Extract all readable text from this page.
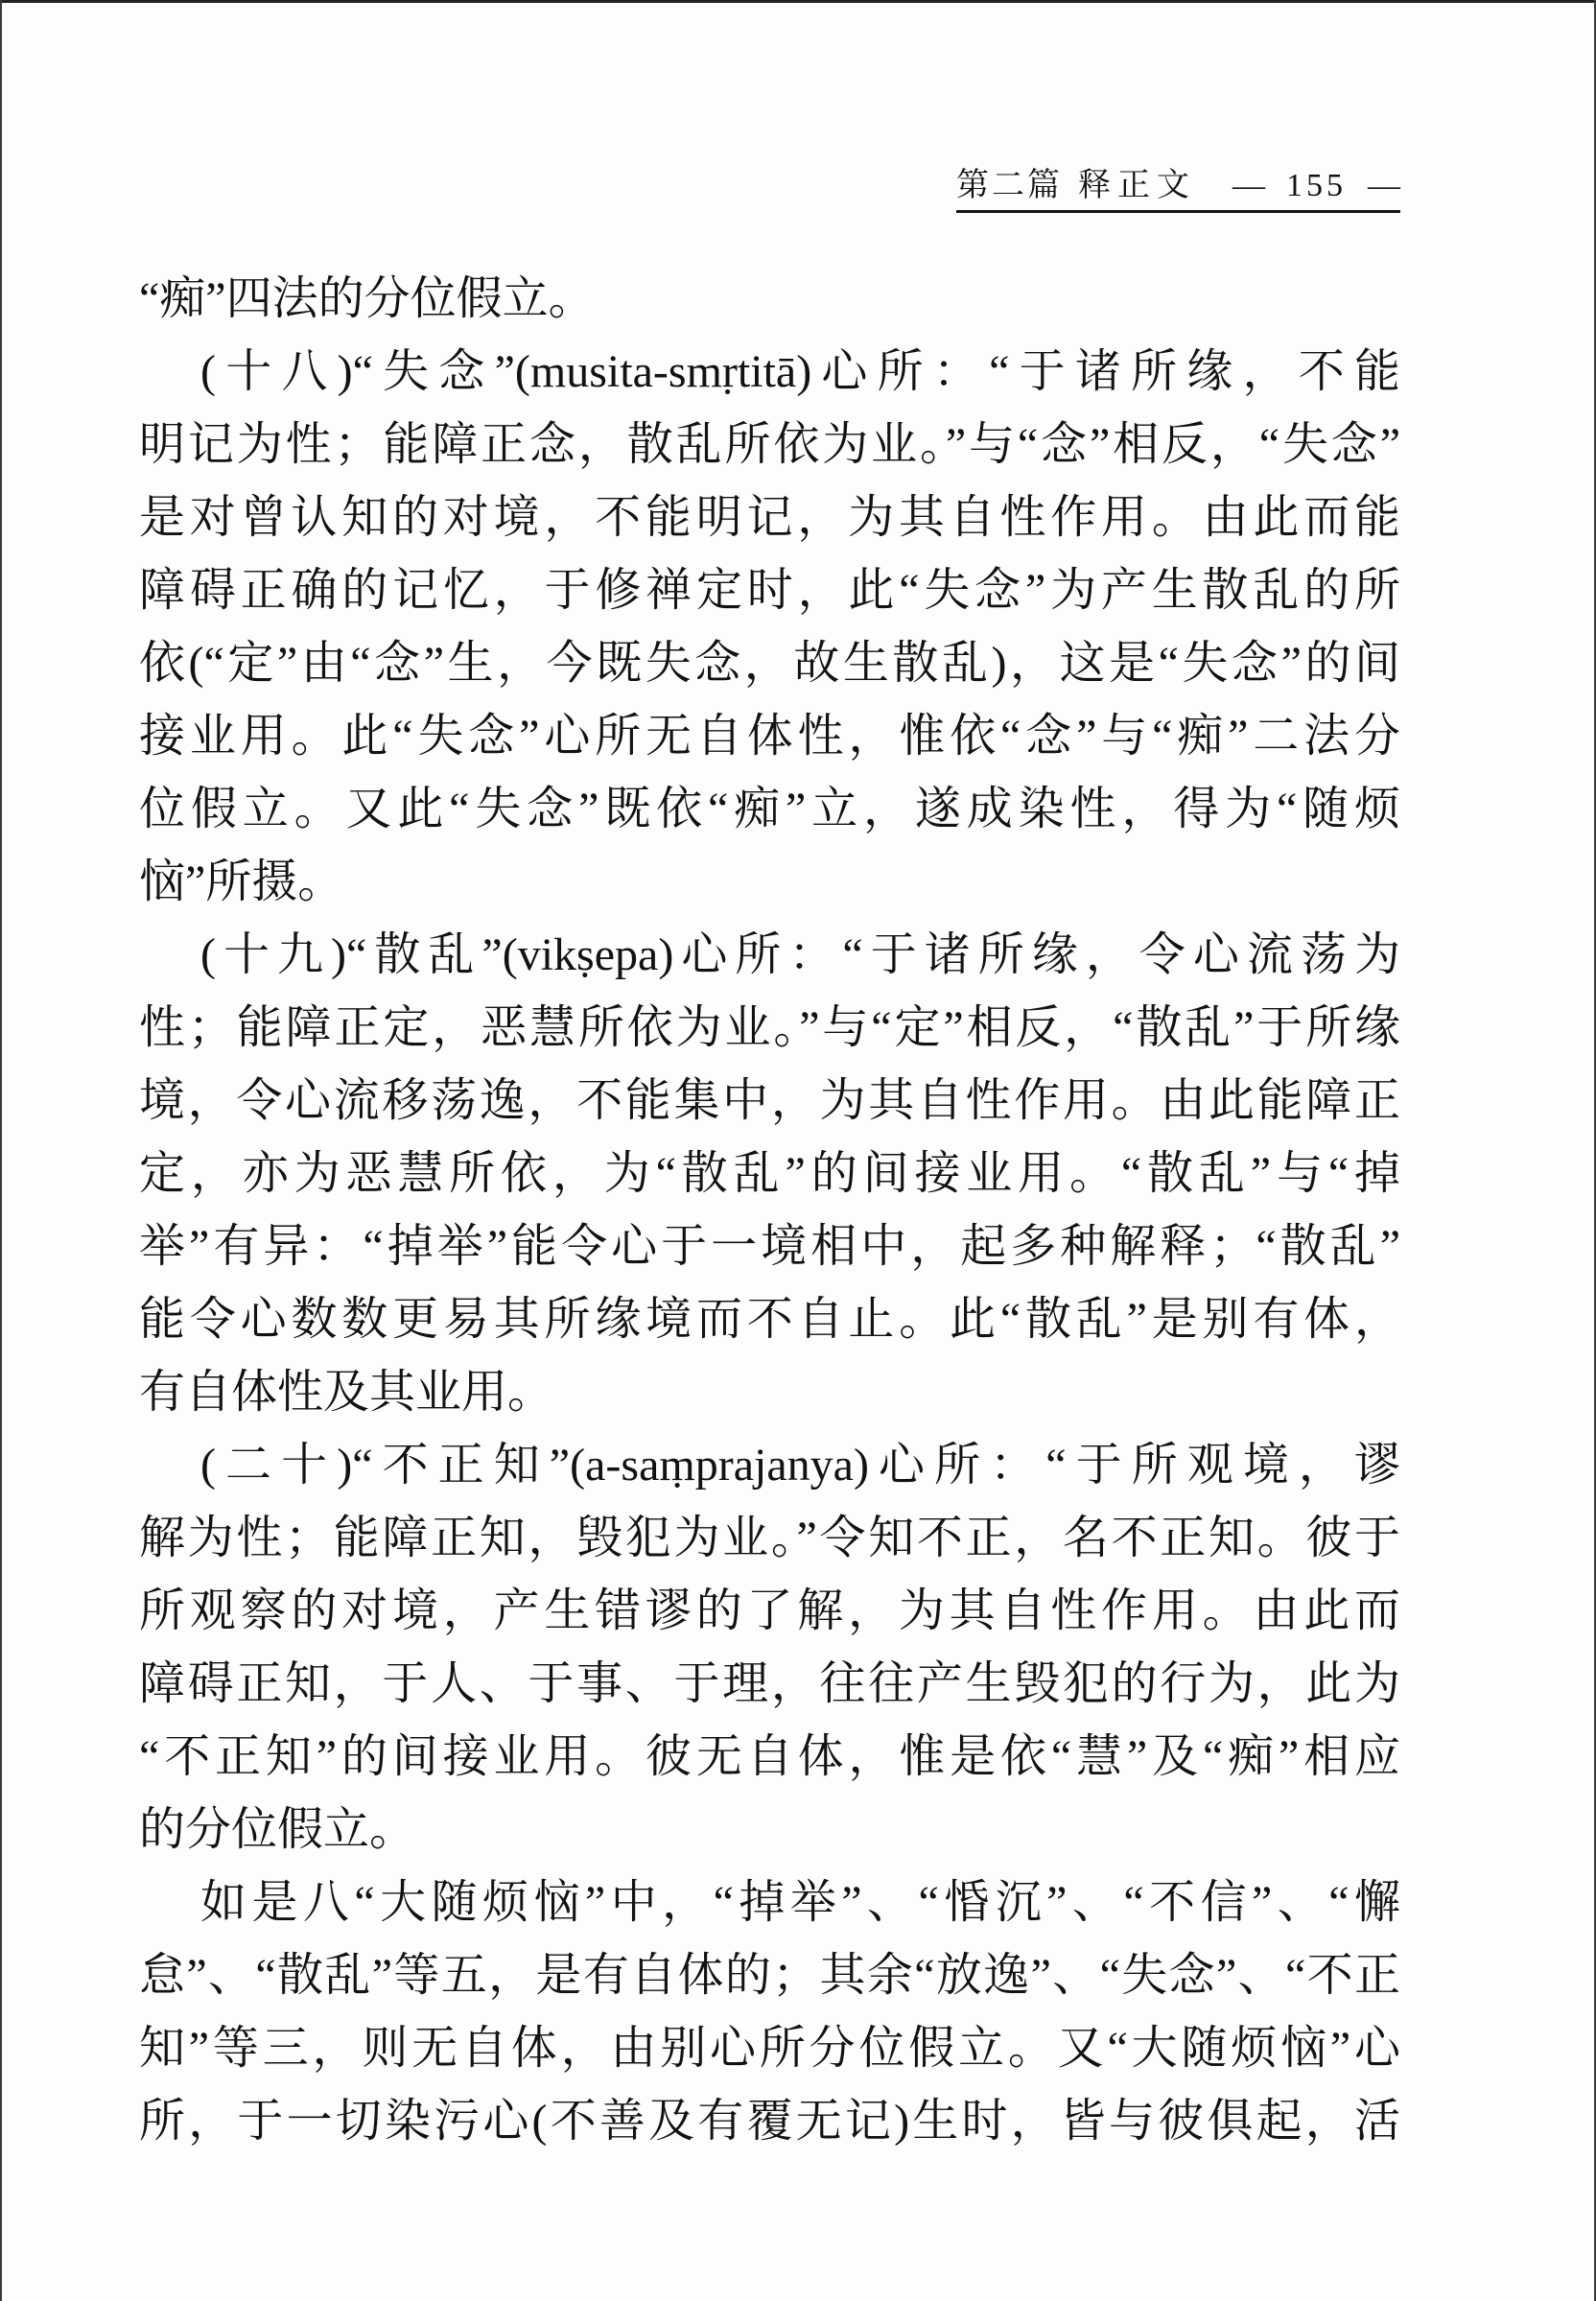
第二篇 释正文 — 155 —
“痴”四法的分位假立。
(十八)“失念”(musita-smṛtitā)心所：“于诸所缘，不能
明记为性；能障正念，散乱所依为业。”与“念”相反，“失念”
是对曾认知的对境，不能明记，为其自性作用。由此而能
障碍正确的记忆，于修禅定时，此“失念”为产生散乱的所
依(“定”由“念”生，今既失念，故生散乱)，这是“失念”的间
接业用。此“失念”心所无自体性，惟依“念”与“痴”二法分
位假立。又此“失念”既依“痴”立，遂成染性，得为“随烦
恼”所摄。
(十九)“散乱”(vikṣepa)心所：“于诸所缘，令心流荡为
性；能障正定，恶慧所依为业。”与“定”相反，“散乱”于所缘
境，令心流移荡逸，不能集中，为其自性作用。由此能障正
定，亦为恶慧所依，为“散乱”的间接业用。“散乱”与“掉
举”有异：“掉举”能令心于一境相中，起多种解释；“散乱”
能令心数数更易其所缘境而不自止。此“散乱”是别有体，
有自体性及其业用。
(二十)“不正知”(a-saṃprajanya)心所：“于所观境，谬
解为性；能障正知，毁犯为业。”令知不正，名不正知。彼于
所观察的对境，产生错谬的了解，为其自性作用。由此而
障碍正知，于人、于事、于理，往往产生毁犯的行为，此为
“不正知”的间接业用。彼无自体，惟是依“慧”及“痴”相应
的分位假立。
如是八“大随烦恼”中，“掉举”、“惛沉”、“不信”、“懈
怠”、“散乱”等五，是有自体的；其余“放逸”、“失念”、“不正
知”等三，则无自体，由别心所分位假立。又“大随烦恼”心
所，于一切染污心(不善及有覆无记)生时，皆与彼俱起，活
